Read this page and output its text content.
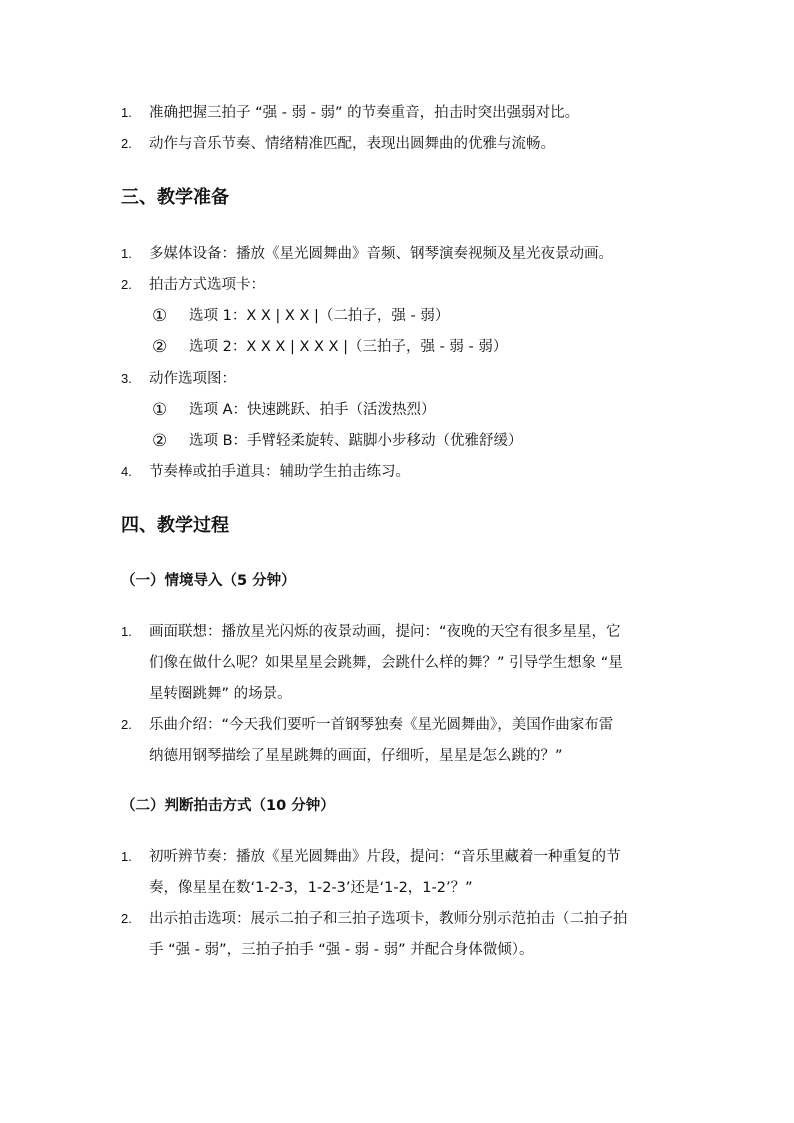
1. 准确把握三拍子 “强 - 弱 - 弱” 的节奏重音，拍击时突出强弱对比。
2. 动作与音乐节奏、情绪精准匹配，表现出圆舞曲的优雅与流畅。
三、教学准备
1. 多媒体设备：播放《星光圆舞曲》音频、钢琴演奏视频及星光夜景动画。
2. 拍击方式选项卡：
① 选项 1：X X | X X |（二拍子，强 - 弱）
② 选项 2：X X X | X X X |（三拍子，强 - 弱 - 弱）
3. 动作选项图：
① 选项 A：快速跳跃、拍手（活泼热烈）
② 选项 B：手臂轻柔旋转、踮脚小步移动（优雅舒缓）
4. 节奏棒或拍手道具：辅助学生拍击练习。
四、教学过程
（一）情境导入（5 分钟）
1. 画面联想：播放星光闪烁的夜景动画，提问：“夜晚的天空有很多星星，它
们像在做什么呢？如果星星会跳舞，会跳什么样的舞？” 引导学生想象 “星
星转圈跳舞” 的场景。
2. 乐曲介绍：“今天我们要听一首钢琴独奏《星光圆舞曲》，美国作曲家布雷
纳德用钢琴描绘了星星跳舞的画面，仔细听，星星是怎么跳的？”
（二）判断拍击方式（10 分钟）
1. 初听辨节奏：播放《星光圆舞曲》片段，提问：“音乐里藏着一种重复的节
奏，像星星在数‘1-2-3，1-2-3’还是‘1-2，1-2’？”
2. 出示拍击选项：展示二拍子和三拍子选项卡，教师分别示范拍击（二拍子拍
手 “强 - 弱”，三拍子拍手 “强 - 弱 - 弱” 并配合身体微倾）。
